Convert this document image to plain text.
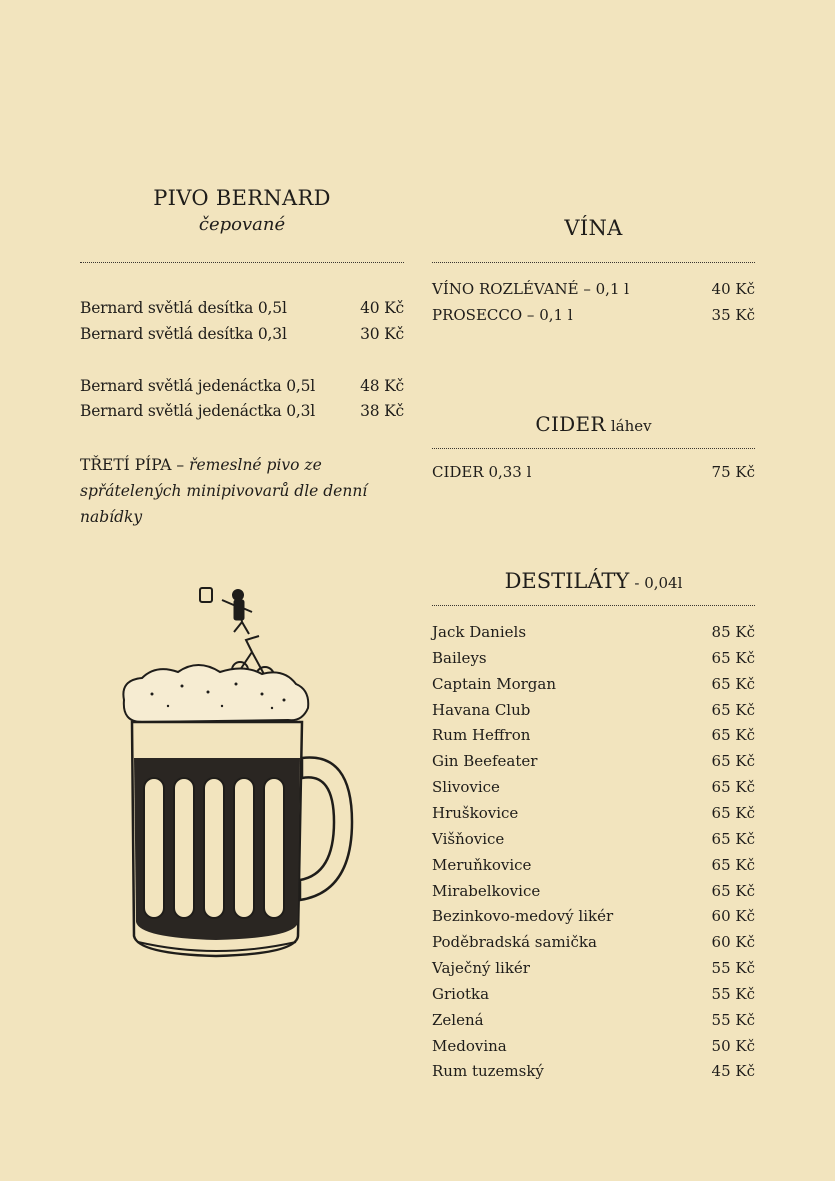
PIVO BERNARD
čepované
Bernard světlá desítka 0,5l	40 Kč
Bernard světlá desítka 0,3l	30 Kč
Bernard světlá jedenáctka 0,5l	48 Kč
Bernard světlá jedenáctka 0,3l	38 Kč
TŘETÍ PÍPA – řemeslné pivo ze spřátelených minipivovarů dle denní nabídky
VÍNA
VÍNO ROZLÉVANÉ – 0,1 l	40 Kč
PROSECCO – 0,1 l	35 Kč
CIDER láhev
CIDER 0,33 l	75 Kč
DESTILÁTY - 0,04l
Jack Daniels	85 Kč
Baileys	65 Kč
Captain Morgan	65 Kč
Havana Club	65 Kč
Rum Heffron	65 Kč
Gin Beefeater	65 Kč
Slivovice	65 Kč
Hruškovice	65 Kč
Višňovice	65 Kč
Meruňkovice	65 Kč
Mirabelkovice	65 Kč
Bezinkovo-medový likér	60 Kč
Poděbradská samička	60 Kč
Vaječný likér	55 Kč
Griotka	55 Kč
Zelená	55 Kč
Medovina	50 Kč
Rum tuzemský	45 Kč
